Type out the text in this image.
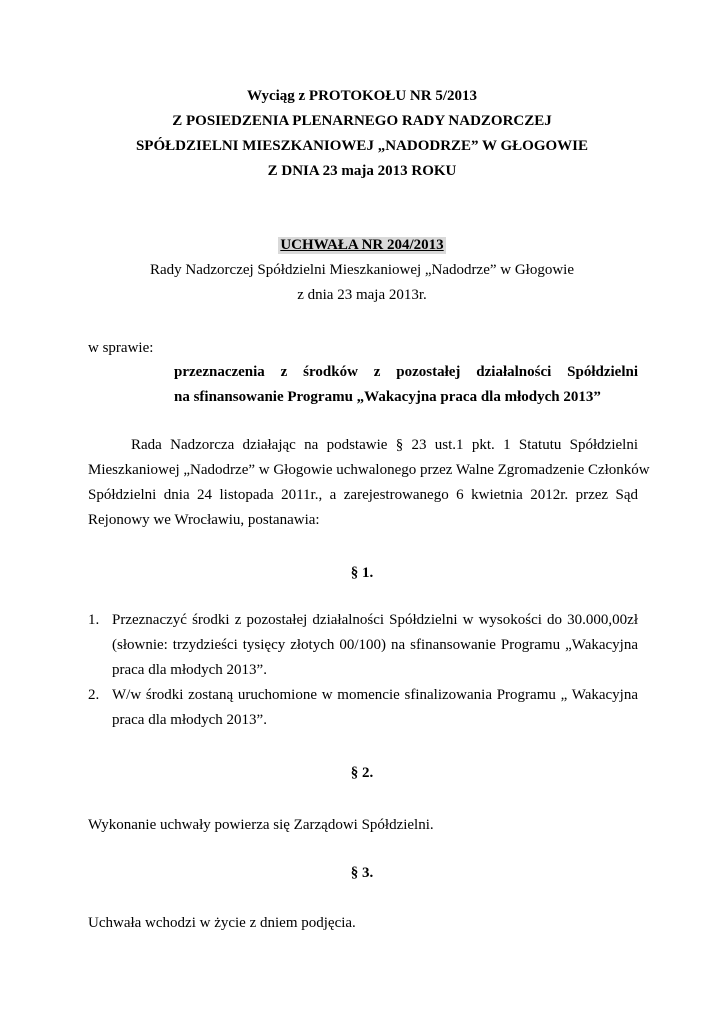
Wyciąg z PROTOKOŁU NR 5/2013
Z POSIEDZENIA PLENARNEGO RADY NADZORCZEJ
SPÓŁDZIELNI MIESZKANIOWEJ „NADODRZE” W GŁOGOWIE
Z DNIA 23 maja 2013 ROKU
UCHWAŁA NR 204/2013
Rady Nadzorczej Spółdzielni Mieszkaniowej „Nadodrze” w Głogowie
z dnia 23 maja 2013r.
w sprawie:
przeznaczenia z środków z pozostałej działalności Spółdzielni
na sfinansowanie Programu „Wakacyjna praca dla młodych 2013”
Rada Nadzorcza działając na podstawie § 23 ust.1 pkt. 1 Statutu Spółdzielni
Mieszkaniowej „Nadodrze” w Głogowie uchwalonego przez Walne Zgromadzenie Członków
Spółdzielni dnia 24 listopada 2011r., a zarejestrowanego 6 kwietnia 2012r. przez Sąd
Rejonowy we Wrocławiu, postanawia:
§ 1.
1. Przeznaczyć środki z pozostałej działalności Spółdzielni w wysokości do 30.000,00zł
(słownie: trzydzieści tysięcy złotych 00/100) na sfinansowanie Programu „Wakacyjna
praca dla młodych 2013”.
2. W/w środki zostaną uruchomione w momencie sfinalizowania Programu „ Wakacyjna
praca dla młodych 2013”.
§ 2.
Wykonanie uchwały powierza się Zarządowi Spółdzielni.
§ 3.
Uchwała wchodzi w życie z dniem podjęcia.
